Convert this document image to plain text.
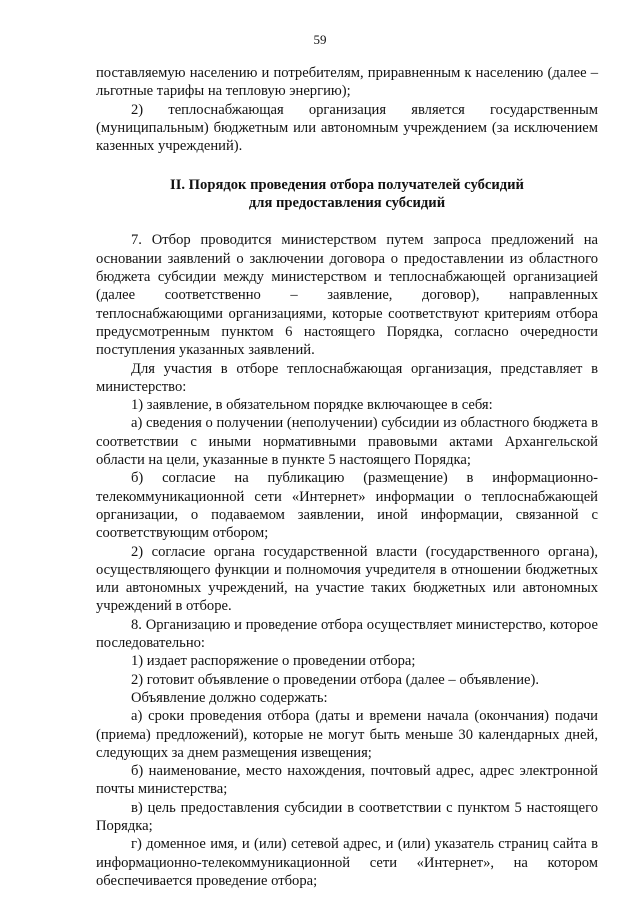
59

поставляемую населению и потребителям, приравненным к населению (далее – льготные тарифы на тепловую энергию);

2) теплоснабжающая организация является государственным (муниципальным) бюджетным или автономным учреждением (за исключением казенных учреждений).

II. Порядок проведения отбора получателей субсидий
для предоставления субсидий

7. Отбор проводится министерством путем запроса предложений на основании заявлений о заключении договора о предоставлении из областного бюджета субсидии между министерством и теплоснабжающей организацией (далее соответственно – заявление, договор), направленных теплоснабжающими организациями, которые соответствуют критериям отбора предусмотренным пунктом 6 настоящего Порядка, согласно очередности поступления указанных заявлений.

Для участия в отборе теплоснабжающая организация, представляет в министерство:

1) заявление, в обязательном порядке включающее в себя:

а) сведения о получении (неполучении) субсидии из областного бюджета в соответствии с иными нормативными правовыми актами Архангельской области на цели, указанные в пункте 5 настоящего Порядка;

б) согласие на публикацию (размещение) в информационно-телекоммуникационной сети «Интернет» информации о теплоснабжающей организации, о подаваемом заявлении, иной информации, связанной с соответствующим отбором;

2) согласие органа государственной власти (государственного органа), осуществляющего функции и полномочия учредителя в отношении бюджетных или автономных учреждений, на участие таких бюджетных или автономных учреждений в отборе.

8. Организацию и проведение отбора осуществляет министерство, которое последовательно:

1) издает распоряжение о проведении отбора;

2) готовит объявление о проведении отбора (далее – объявление).

Объявление должно содержать:

а) сроки проведения отбора (даты и времени начала (окончания) подачи (приема) предложений), которые не могут быть меньше 30 календарных дней, следующих за днем размещения извещения;

б) наименование, место нахождения, почтовый адрес, адрес электронной почты министерства;

в) цель предоставления субсидии в соответствии с пунктом 5 настоящего Порядка;

г) доменное имя, и (или) сетевой адрес, и (или) указатель страниц сайта в информационно-телекоммуникационной сети «Интернет», на котором обеспечивается проведение отбора;
